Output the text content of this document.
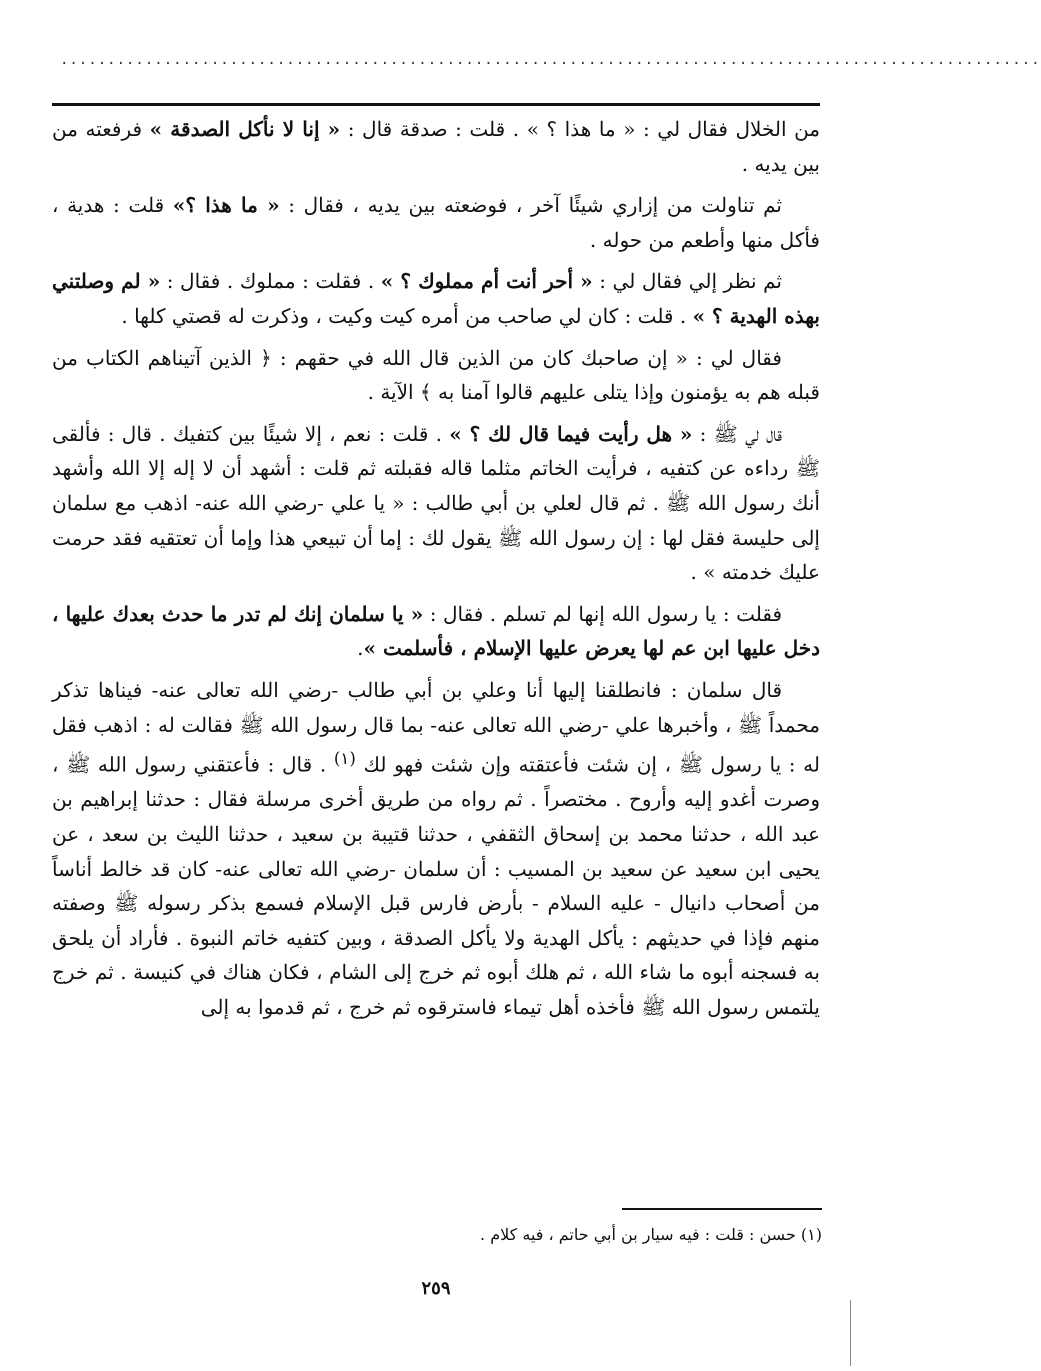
........................................................................................................

من الخلال فقال لي : « ما هذا ؟ » . قلت : صدقة قال : « إنا لا نأكل الصدقة » فرفعته من بين يديه .

ثم تناولت من إزاري شيئًا آخر ، فوضعته بين يديه ، فقال : « ما هذا ؟» قلت : هدية ، فأكل منها وأطعم من حوله .

ثم نظر إلي فقال لي : « أحر أنت أم مملوك ؟ » . فقلت : مملوك . فقال : « لم وصلتني بهذه الهدية ؟ » . قلت : كان لي صاحب من أمره كيت وكيت ، وذكرت له قصتي كلها .

فقال لي : « إن صاحبك كان من الذين قال الله في حقهم : ﴿ الذين آتيناهم الكتاب من قبله هم به يؤمنون وإذا يتلى عليهم قالوا آمنا به ﴾ الآية .

قال لي ﷺ : « هل رأيت فيما قال لك ؟ » . قلت : نعم ، إلا شيئًا بين كتفيك . قال : فألقى ﷺ رداءه عن كتفيه ، فرأيت الخاتم مثلما قاله فقبلته ثم قلت : أشهد أن لا إله إلا الله وأشهد أنك رسول الله ﷺ . ثم قال لعلي بن أبي طالب : « يا علي -رضي الله عنه- اذهب مع سلمان إلى حليسة فقل لها : إن رسول الله ﷺ يقول لك : إما أن تبيعي هذا وإما أن تعتقيه فقد حرمت عليك خدمته » .

فقلت : يا رسول الله إنها لم تسلم . فقال : « يا سلمان إنك لم تدر ما حدث بعدك عليها ، دخل عليها ابن عم لها يعرض عليها الإسلام ، فأسلمت ».

قال سلمان : فانطلقنا إليها أنا وعلي بن أبي طالب -رضي الله تعالى عنه- فيناها تذكر محمداً ﷺ ، وأخبرها علي -رضي الله تعالى عنه- بما قال رسول الله ﷺ فقالت له : اذهب فقل له : يا رسول ﷺ ، إن شئت فأعتقته وإن شئت فهو لك $^{(١)}$ . قال : فأعتقني رسول الله ﷺ ، وصرت أغدو إليه وأروح . مختصراً . ثم رواه من طريق أخرى مرسلة فقال : حدثنا إبراهيم بن عبد الله ، حدثنا محمد بن إسحاق الثقفي ، حدثنا قتيبة بن سعيد ، حدثنا الليث بن سعد ، عن يحيى ابن سعيد عن سعيد بن المسيب : أن سلمان -رضي الله تعالى عنه- كان قد خالط أناساً من أصحاب دانيال - عليه السلام - بأرض فارس قبل الإسلام فسمع بذكر رسوله ﷺ وصفته منهم فإذا في حديثهم : يأكل الهدية ولا يأكل الصدقة ، وبين كتفيه خاتم النبوة . فأراد أن يلحق به فسجنه أبوه ما شاء الله ، ثم هلك أبوه ثم خرج إلى الشام ، فكان هناك في كنيسة . ثم خرج يلتمس رسول الله ﷺ فأخذه أهل تيماء فاسترقوه ثم خرج ، ثم قدموا به إلى

(١) حسن : قلت : فيه سيار بن أبي حاتم ، فيه كلام .
٢٥٩
